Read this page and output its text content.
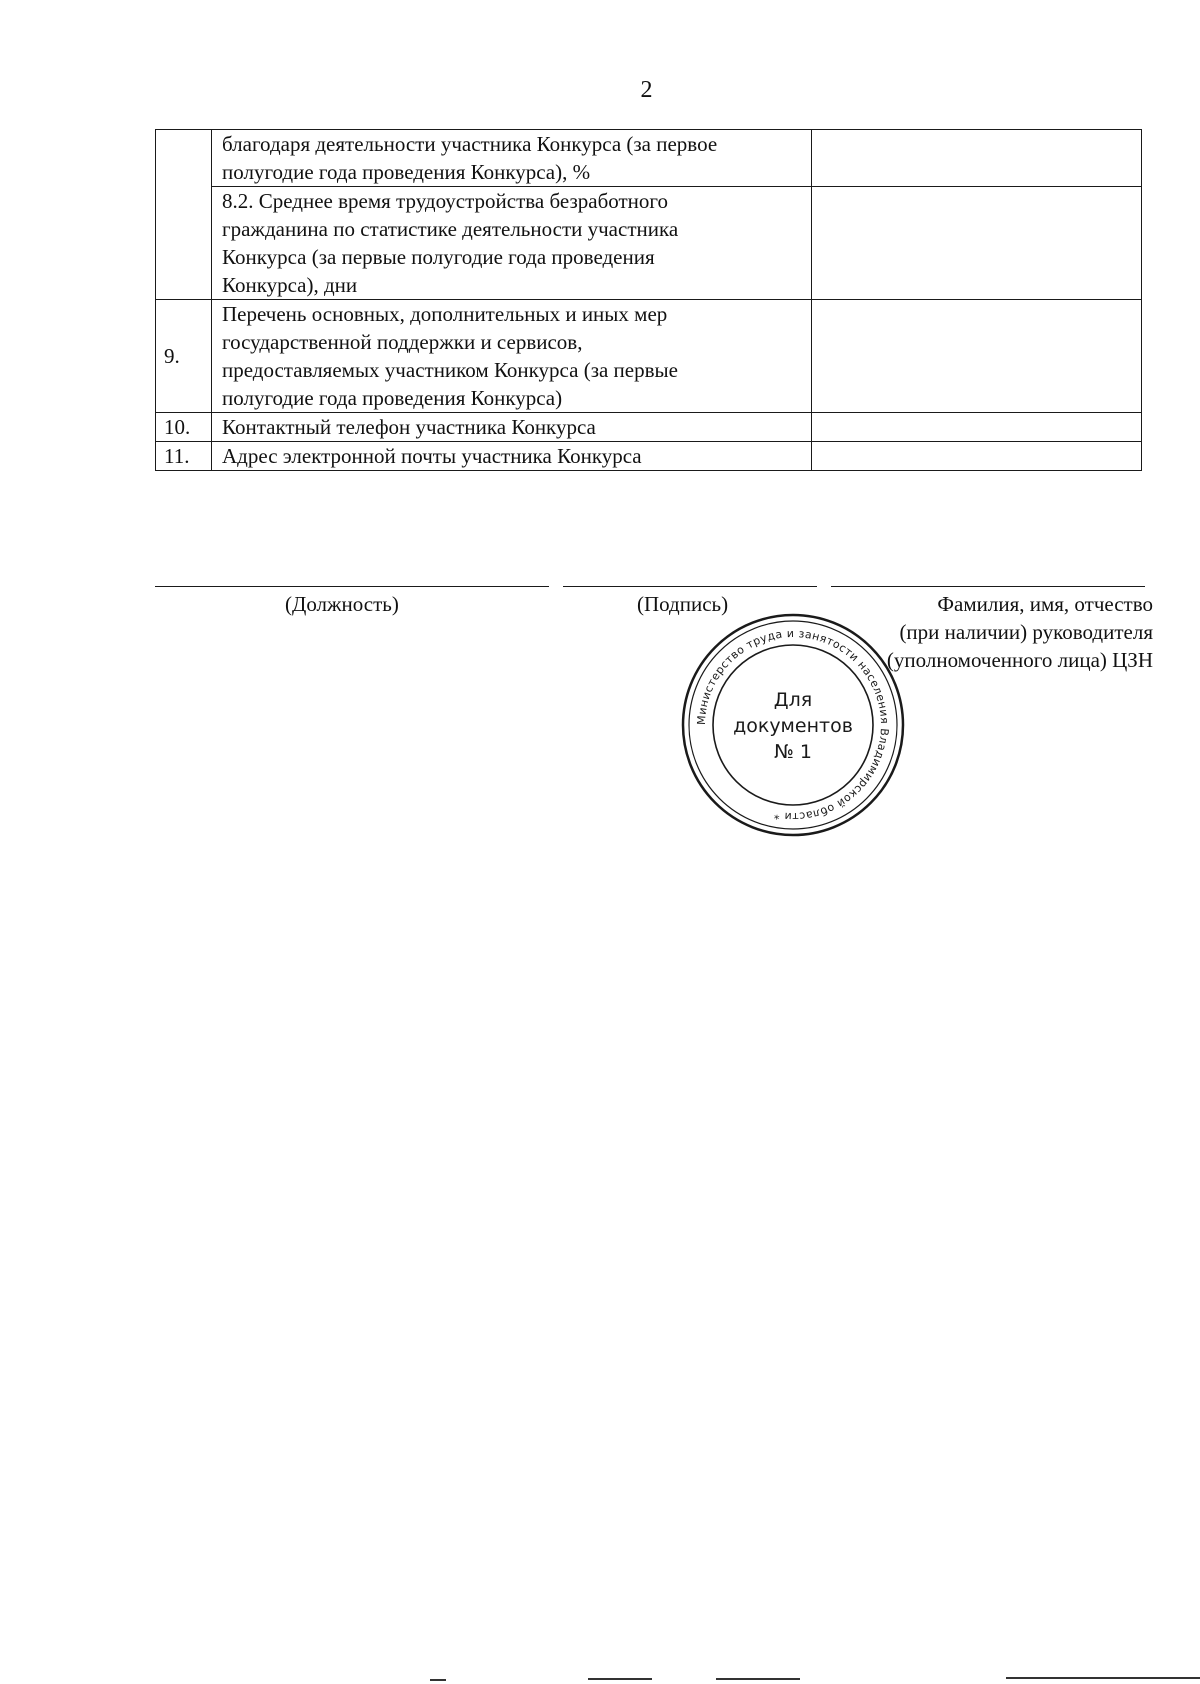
2

	благодаря деятельности участника Конкурса (за первое
полугодие года проведения Конкурса), %	

	8.2. Среднее время трудоустройства безработного
гражданина по статистике деятельности участника
Конкурса (за первые полугодие года проведения
Конкурса), дни	

9.	Перечень основных, дополнительных и иных мер
государственной поддержки и сервисов,
предоставляемых участником Конкурса (за первые
полугодие года проведения Конкурса)	

10.	Контактный телефон участника Конкурса	

11.	Адрес электронной почты участника Конкурса	

(Должность)	(Подпись)	Фамилия, имя, отчество
(при наличии) руководителя
(уполномоченного лица) ЦЗН
Министерство труда и занятости населения Владимирской области *
Для
документов
№ 1
